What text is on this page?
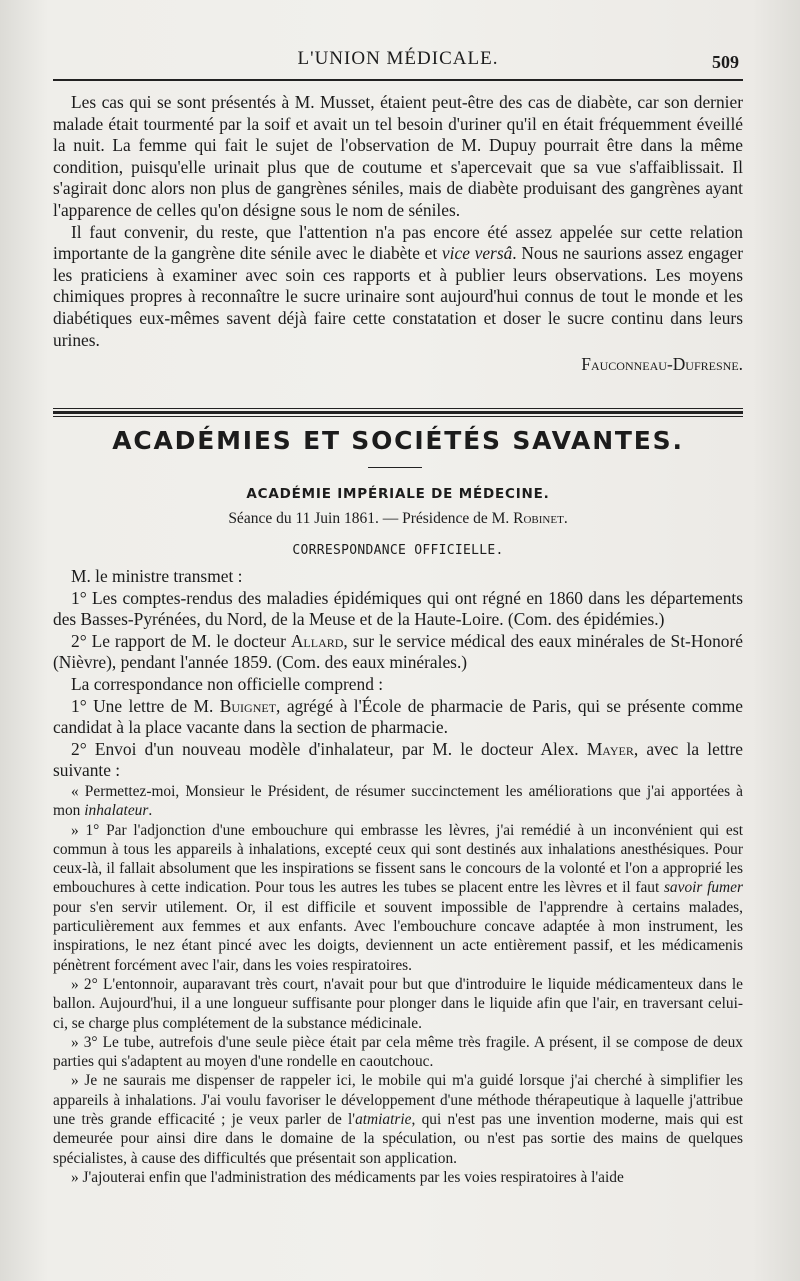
L'UNION MÉDICALE.	509

Les cas qui se sont présentés à M. Musset, étaient peut-être des cas de diabète, car son dernier malade était tourmenté par la soif et avait un tel besoin d'uriner qu'il en était fréquemment éveillé la nuit. La femme qui fait le sujet de l'observation de M. Dupuy pourrait être dans la même condition, puisqu'elle urinait plus que de coutume et s'apercevait que sa vue s'affaiblissait. Il s'agirait donc alors non plus de gangrènes séniles, mais de diabète produisant des gangrènes ayant l'apparence de celles qu'on désigne sous le nom de séniles.

Il faut convenir, du reste, que l'attention n'a pas encore été assez appelée sur cette relation importante de la gangrène dite sénile avec le diabète et vice versâ. Nous ne saurions assez engager les praticiens à examiner avec soin ces rapports et à publier leurs observations. Les moyens chimiques propres à reconnaître le sucre urinaire sont aujourd'hui connus de tout le monde et les diabétiques eux-mêmes savent déjà faire cette constatation et doser le sucre continu dans leurs urines.

Fauconneau-Dufresne.
ACADÉMIES ET SOCIÉTÉS SAVANTES.
ACADÉMIE IMPÉRIALE DE MÉDECINE.
Séance du 11 Juin 1861. — Présidence de M. Robinet.
CORRESPONDANCE OFFICIELLE.

M. le ministre transmet :

1° Les comptes-rendus des maladies épidémiques qui ont régné en 1860 dans les départements des Basses-Pyrénées, du Nord, de la Meuse et de la Haute-Loire. (Com. des épidémies.)

2° Le rapport de M. le docteur Allard, sur le service médical des eaux minérales de St-Honoré (Nièvre), pendant l'année 1859. (Com. des eaux minérales.)

La correspondance non officielle comprend :

1° Une lettre de M. Buignet, agrégé à l'École de pharmacie de Paris, qui se présente comme candidat à la place vacante dans la section de pharmacie.

2° Envoi d'un nouveau modèle d'inhalateur, par M. le docteur Alex. Mayer, avec la lettre suivante :

« Permettez-moi, Monsieur le Président, de résumer succinctement les améliorations que j'ai apportées à mon inhalateur.

» 1° Par l'adjonction d'une embouchure qui embrasse les lèvres, j'ai remédié à un inconvénient qui est commun à tous les appareils à inhalations, excepté ceux qui sont destinés aux inhalations anesthésiques. Pour ceux-là, il fallait absolument que les inspirations se fissent sans le concours de la volonté et l'on a approprié les embouchures à cette indication. Pour tous les autres les tubes se placent entre les lèvres et il faut savoir fumer pour s'en servir utilement. Or, il est difficile et souvent impossible de l'apprendre à certains malades, particulièrement aux femmes et aux enfants. Avec l'embouchure concave adaptée à mon instrument, les inspirations, le nez étant pincé avec les doigts, deviennent un acte entièrement passif, et les médicamenis pénètrent forcément avec l'air, dans les voies respiratoires.

» 2° L'entonnoir, auparavant très court, n'avait pour but que d'introduire le liquide médicamenteux dans le ballon. Aujourd'hui, il a une longueur suffisante pour plonger dans le liquide afin que l'air, en traversant celui-ci, se charge plus complétement de la substance médicinale.

» 3° Le tube, autrefois d'une seule pièce était par cela même très fragile. A présent, il se compose de deux parties qui s'adaptent au moyen d'une rondelle en caoutchouc.

» Je ne saurais me dispenser de rappeler ici, le mobile qui m'a guidé lorsque j'ai cherché à simplifier les appareils à inhalations. J'ai voulu favoriser le développement d'une méthode thérapeutique à laquelle j'attribue une très grande efficacité ; je veux parler de l'atmiatrie, qui n'est pas une invention moderne, mais qui est demeurée pour ainsi dire dans le domaine de la spéculation, ou n'est pas sortie des mains de quelques spécialistes, à cause des difficultés que présentait son application.

» J'ajouterai enfin que l'administration des médicaments par les voies respiratoires à l'aide
